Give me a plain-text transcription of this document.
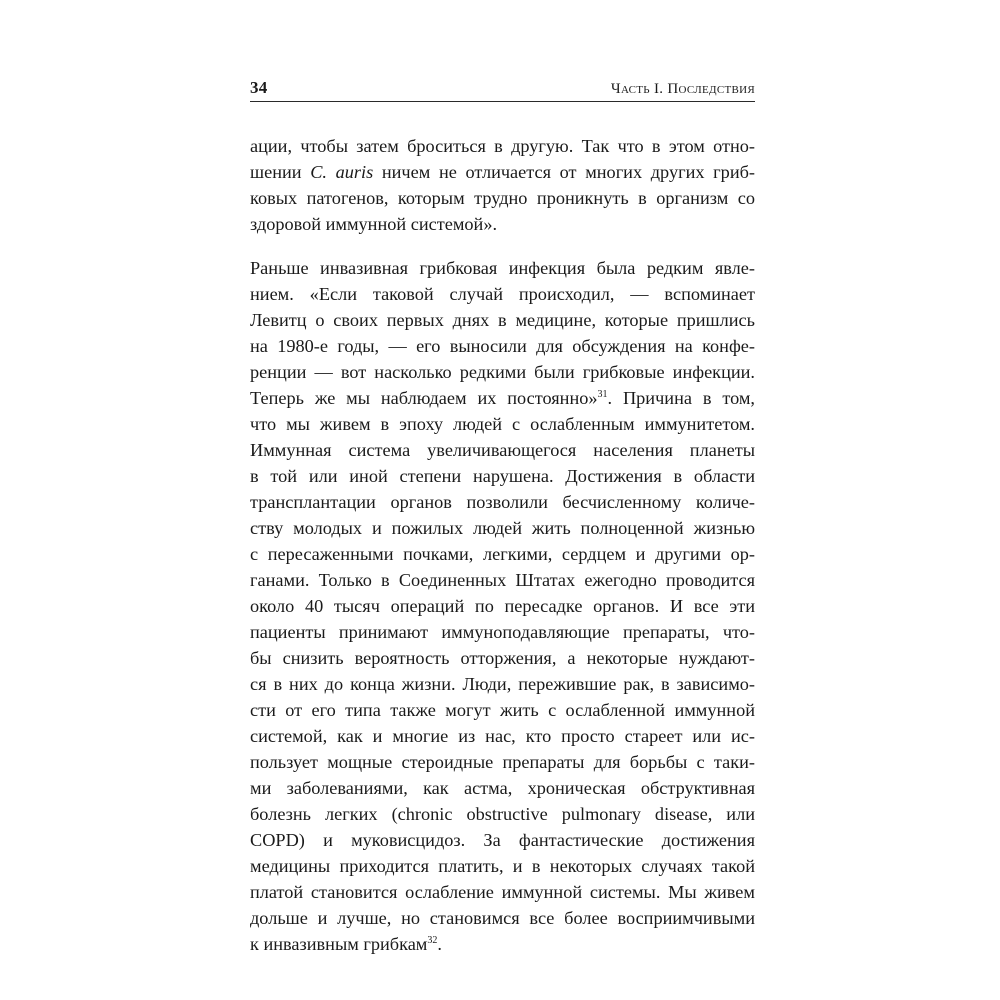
34	Часть I. Последствия

ации, чтобы затем броситься в другую. Так что в этом отно-
шении C. auris ничем не отличается от многих других гриб-
ковых патогенов, которым трудно проникнуть в организм со
здоровой иммунной системой».

Раньше инвазивная грибковая инфекция была редким явле-
нием. «Если таковой случай происходил, — вспоминает
Левитц о своих первых днях в медицине, которые пришлись
на 1980-е годы, — его выносили для обсуждения на конфе-
ренции — вот насколько редкими были грибковые инфекции.
Теперь же мы наблюдаем их постоянно»$^{31}$. Причина в том,
что мы живем в эпоху людей с ослабленным иммунитетом.
Иммунная система увеличивающегося населения планеты
в той или иной степени нарушена. Достижения в области
трансплантации органов позволили бесчисленному количе-
ству молодых и пожилых людей жить полноценной жизнью
с пересаженными почками, легкими, сердцем и другими ор-
ганами. Только в Соединенных Штатах ежегодно проводится
около 40 тысяч операций по пересадке органов. И все эти
пациенты принимают иммуноподавляющие препараты, что-
бы снизить вероятность отторжения, а некоторые нуждают-
ся в них до конца жизни. Люди, пережившие рак, в зависимо-
сти от его типа также могут жить с ослабленной иммунной
системой, как и многие из нас, кто просто стареет или ис-
пользует мощные стероидные препараты для борьбы с таки-
ми заболеваниями, как астма, хроническая обструктивная
болезнь легких (chronic obstructive pulmonary disease, или
COPD) и муковисцидоз. За фантастические достижения
медицины приходится платить, и в некоторых случаях такой
платой становится ослабление иммунной системы. Мы живем
дольше и лучше, но становимся все более восприимчивыми
к инвазивным грибкам$^{32}$.
